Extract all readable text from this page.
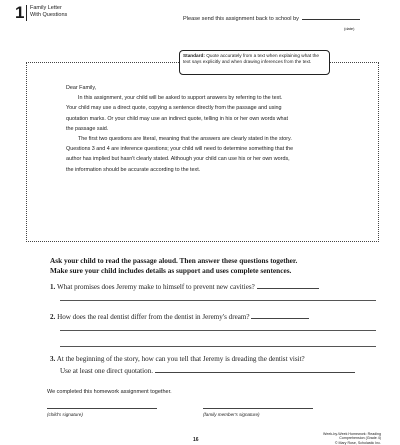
1 Family Letter
With Questions
Please send this assignment back to school by
(date)
Standard: Quote accurately from a text when explaining what the text says explicitly and when drawing inferences from the text.

Dear Family,

In this assignment, your child will be asked to support answers by referring to the text.

Your child may use a direct quote, copying a sentence directly from the passage and using

quotation marks. Or your child may use an indirect quote, telling in his or her own words what

the passage said.

The first two questions are literal, meaning that the answers are clearly stated in the story.

Questions 3 and 4 are inference questions; your child will need to determine something that the

author has implied but hasn't clearly stated. Although your child can use his or her own words,

the information should be accurate according to the text.

Ask your child to read the passage aloud. Then answer these questions together.
Make sure your child includes details as support and uses complete sentences.
1. What promises does Jeremy make to himself to prevent new cavities?
2. How does the real dentist differ from the dentist in Jeremy's dream?
3. At the beginning of the story, how can you tell that Jeremy is dreading the dentist visit?
Use at least one direct quotation.
We completed this homework assignment together.
(child's signature)	(family member's signature)
16
Week-by-Week Homework: Reading Comprehension (Grade 4)
© Mary Rose, Scholastic Inc.
